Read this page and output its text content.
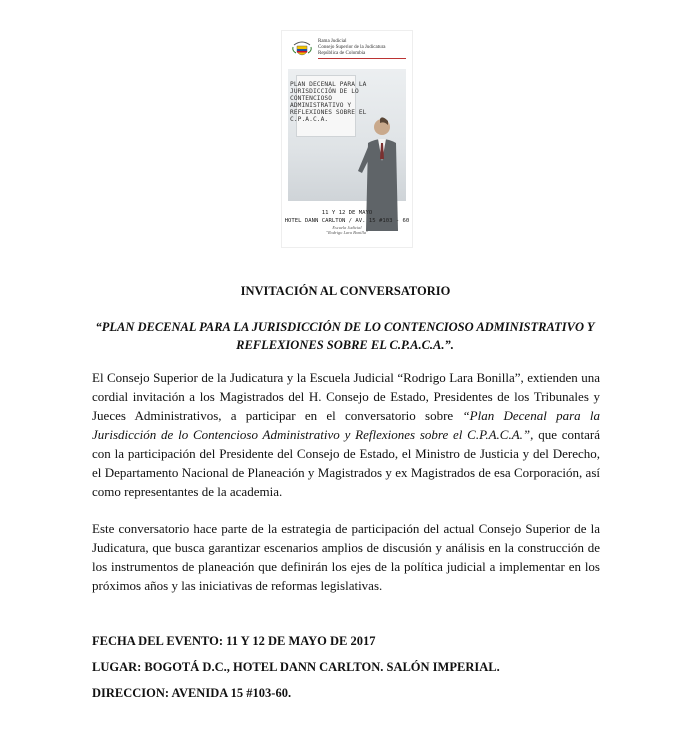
Rama Judicial
Consejo Superior de la Judicatura
República de Colombia
PLAN DECENAL PARA LA JURISDICCIÓN DE LO CONTENCIOSO ADMINISTRATIVO Y REFLEXIONES SOBRE EL C.P.A.C.A.
11 Y 12 DE MAYO
HOTEL DANN CARLTON / AV. 15 #103 - 60
Escuela Judicial
"Rodrigo Lara Bonilla"
INVITACIÓN AL CONVERSATORIO
“PLAN DECENAL PARA LA JURISDICCIÓN DE LO CONTENCIOSO ADMINISTRATIVO Y REFLEXIONES SOBRE EL C.P.A.C.A.”.
El Consejo Superior de la Judicatura y la Escuela Judicial “Rodrigo Lara Bonilla”, extienden una cordial invitación a los Magistrados del H. Consejo de Estado, Presidentes de los Tribunales y Jueces Administrativos, a participar en el conversatorio sobre “Plan Decenal para la Jurisdicción de lo Contencioso Administrativo y Reflexiones sobre el C.P.A.C.A.”, que contará con la participación del Presidente del Consejo de Estado, el Ministro de Justicia y del Derecho, el Departamento Nacional de Planeación y Magistrados y ex Magistrados de esa Corporación, así como representantes de la academia.
Este conversatorio hace parte de la estrategia de participación del actual Consejo Superior de la Judicatura, que busca garantizar escenarios amplios de discusión y análisis en la construcción de los instrumentos de planeación que definirán los ejes de la política judicial a implementar en los próximos años y las iniciativas de reformas legislativas.
FECHA DEL EVENTO: 11 Y 12 DE MAYO DE 2017
LUGAR: BOGOTÁ D.C., HOTEL DANN CARLTON. SALÓN IMPERIAL.
DIRECCION: AVENIDA 15 #103-60.
